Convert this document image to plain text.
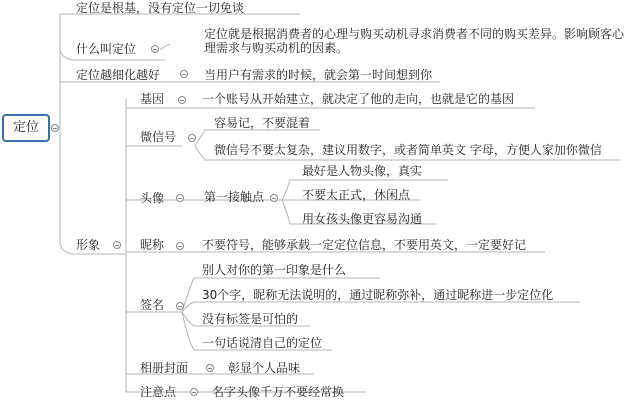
定位
定位是根基，没有定位一切免谈
什么叫定位
定位就是根据消费者的心理与购买动机寻求消费者不同的购买差异。影响顾客心理需求与购买动机的因素。
定位越细化越好	当用户有需求的时候，就会第一时间想到你
形象
基因	一个账号从开始建立，就决定了他的走向，也就是它的基因
微信号
容易记，不要混着
微信号不要太复杂，建议用数字，或者简单英文 字母，方便人家加你微信
头像	第一接触点
最好是人物头像，真实
不要太正式，休闲点
用女孩头像更容易沟通
昵称	不要符号，能够承载一定定位信息，不要用英文，一定要好记
签名
别人对你的第一印象是什么
30个字，昵称无法说明的，通过昵称弥补，通过昵称进一步定位化
没有标签是可怕的
一句话说清自己的定位
相册封面	彰显个人品味
注意点	名字头像千万不要经常换
